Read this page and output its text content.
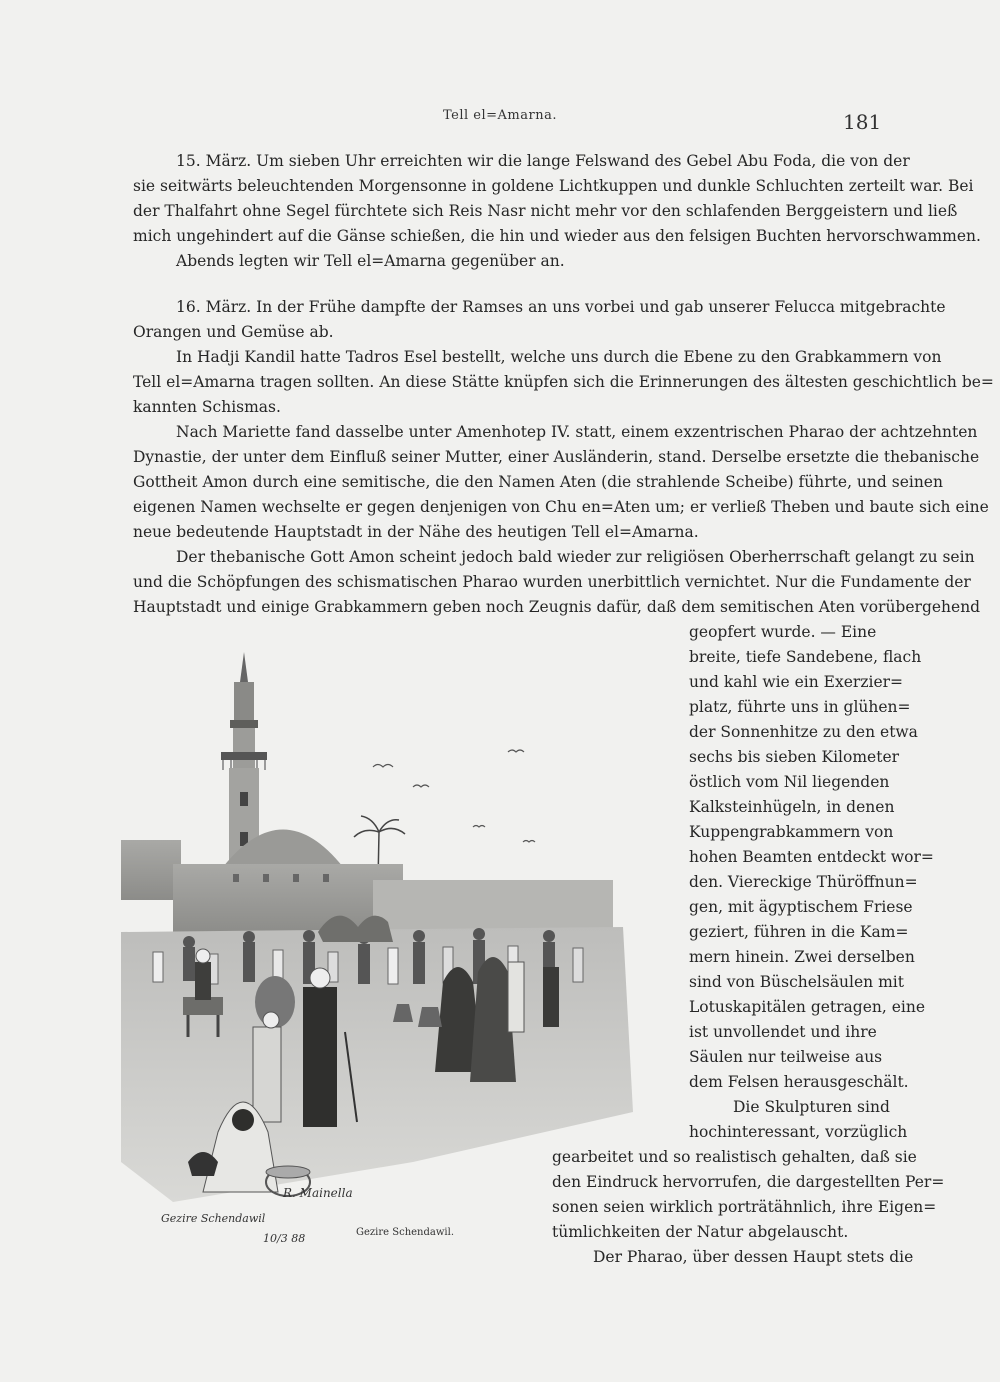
Tell el=Amarna.	181
15. März. Um sieben Uhr erreichten wir die lange Felswand des Gebel Abu Foda, die von der
sie seitwärts beleuchtenden Morgensonne in goldene Lichtkuppen und dunkle Schluchten zerteilt war. Bei
der Thalfahrt ohne Segel fürchtete sich Reis Nasr nicht mehr vor den schlafenden Berggeistern und ließ
mich ungehindert auf die Gänse schießen, die hin und wieder aus den felsigen Buchten hervorschwammen.
Abends legten wir Tell el=Amarna gegenüber an.
16. März. In der Frühe dampfte der Ramses an uns vorbei und gab unserer Felucca mitgebrachte
Orangen und Gemüse ab.
In Hadji Kandil hatte Tadros Esel bestellt, welche uns durch die Ebene zu den Grabkammern von
Tell el=Amarna tragen sollten. An diese Stätte knüpfen sich die Erinnerungen des ältesten geschichtlich be=
kannten Schismas.
Nach Mariette fand dasselbe unter Amenhotep IV. statt, einem exzentrischen Pharao der achtzehnten
Dynastie, der unter dem Einfluß seiner Mutter, einer Ausländerin, stand. Derselbe ersetzte die thebanische
Gottheit Amon durch eine semitische, die den Namen Aten (die strahlende Scheibe) führte, und seinen
eigenen Namen wechselte er gegen denjenigen von Chu en=Aten um; er verließ Theben und baute sich eine
neue bedeutende Hauptstadt in der Nähe des heutigen Tell el=Amarna.
Der thebanische Gott Amon scheint jedoch bald wieder zur religiösen Oberherrschaft gelangt zu sein
und die Schöpfungen des schismatischen Pharao wurden unerbittlich vernichtet. Nur die Fundamente der
Hauptstadt und einige Grabkammern geben noch Zeugnis dafür, daß dem semitischen Aten vorübergehend
geopfert wurde. — Eine
breite, tiefe Sandebene, flach
und kahl wie ein Exerzier=
platz, führte uns in glühen=
der Sonnenhitze zu den etwa
sechs bis sieben Kilometer
östlich vom Nil liegenden
Kalksteinhügeln, in denen
Kuppengrabkammern von
hohen Beamten entdeckt wor=
den. Viereckige Thüröffnun=
gen, mit ägyptischem Friese
geziert, führen in die Kam=
mern hinein. Zwei derselben
sind von Büschelsäulen mit
Lotuskapitälen getragen, eine
ist unvollendet und ihre
Säulen nur teilweise aus
dem Felsen herausgeschält.
Die Skulpturen sind
hochinteressant, vorzüglich
gearbeitet und so realistisch gehalten, daß sie
den Eindruck hervorrufen, die dargestellten Per=
sonen seien wirklich porträtähnlich, ihre Eigen=
tümlichkeiten der Natur abgelauscht.
Der Pharao, über dessen Haupt stets die
Gezire Schendawil
R. Mainella
10/3 88	Gezire Schendawil.
